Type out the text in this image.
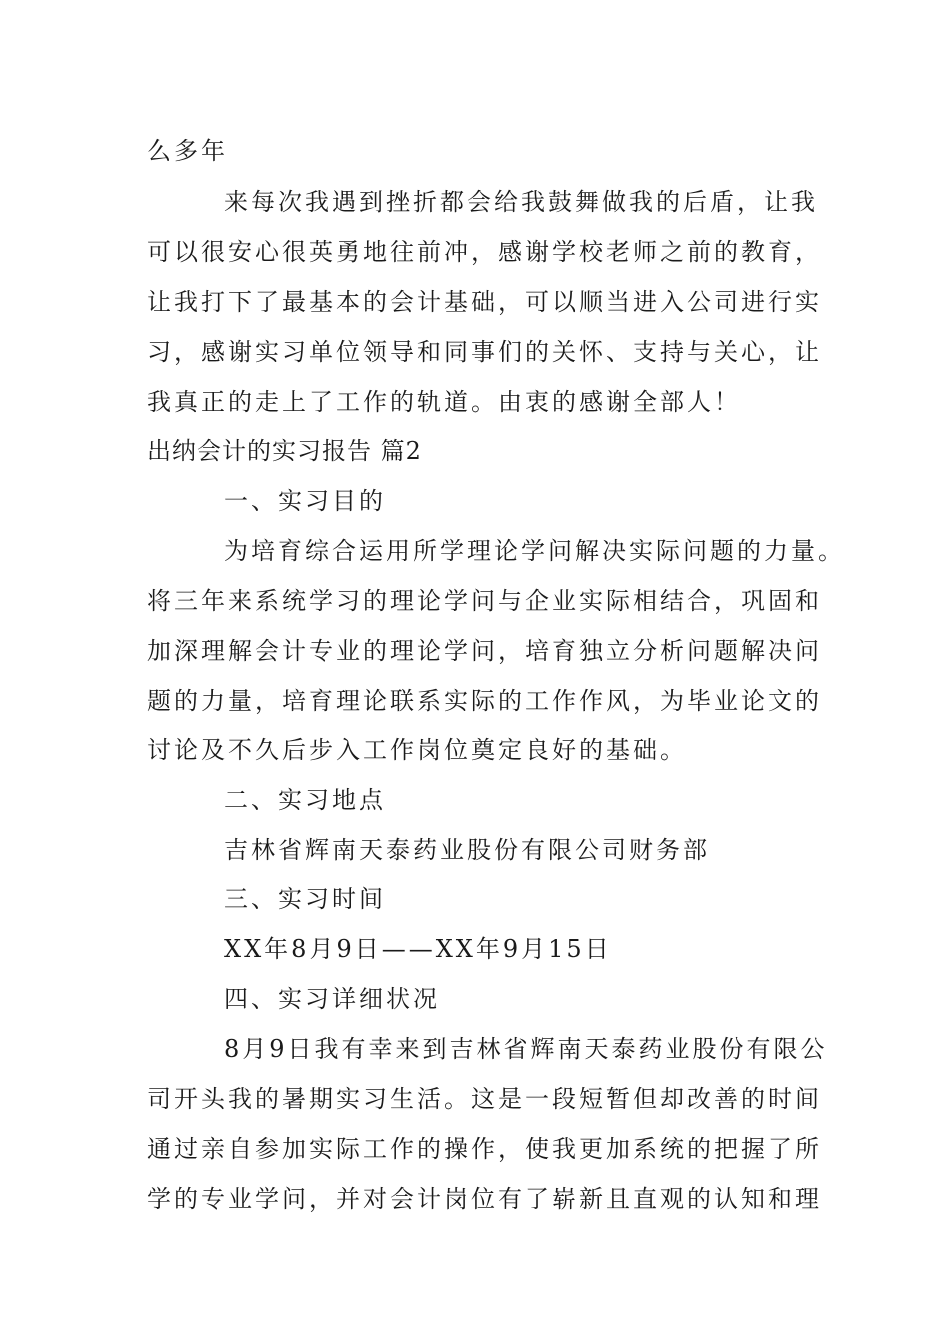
么多年
来每次我遇到挫折都会给我鼓舞做我的后盾，让我
可以很安心很英勇地往前冲，感谢学校老师之前的教育，
让我打下了最基本的会计基础，可以顺当进入公司进行实
习，感谢实习单位领导和同事们的关怀、支持与关心，让
我真正的走上了工作的轨道。由衷的感谢全部人！
出纳会计的实习报告 篇2
一、实习目的
为培育综合运用所学理论学问解决实际问题的力量。
将三年来系统学习的理论学问与企业实际相结合，巩固和
加深理解会计专业的理论学问，培育独立分析问题解决问
题的力量，培育理论联系实际的工作作风，为毕业论文的
讨论及不久后步入工作岗位奠定良好的基础。
二、实习地点
吉林省辉南天泰药业股份有限公司财务部
三、实习时间
XX年8月9日——XX年9月15日
四、实习详细状况
8月9日我有幸来到吉林省辉南天泰药业股份有限公
司开头我的暑期实习生活。这是一段短暂但却改善的时间
通过亲自参加实际工作的操作，使我更加系统的把握了所
学的专业学问，并对会计岗位有了崭新且直观的认知和理
